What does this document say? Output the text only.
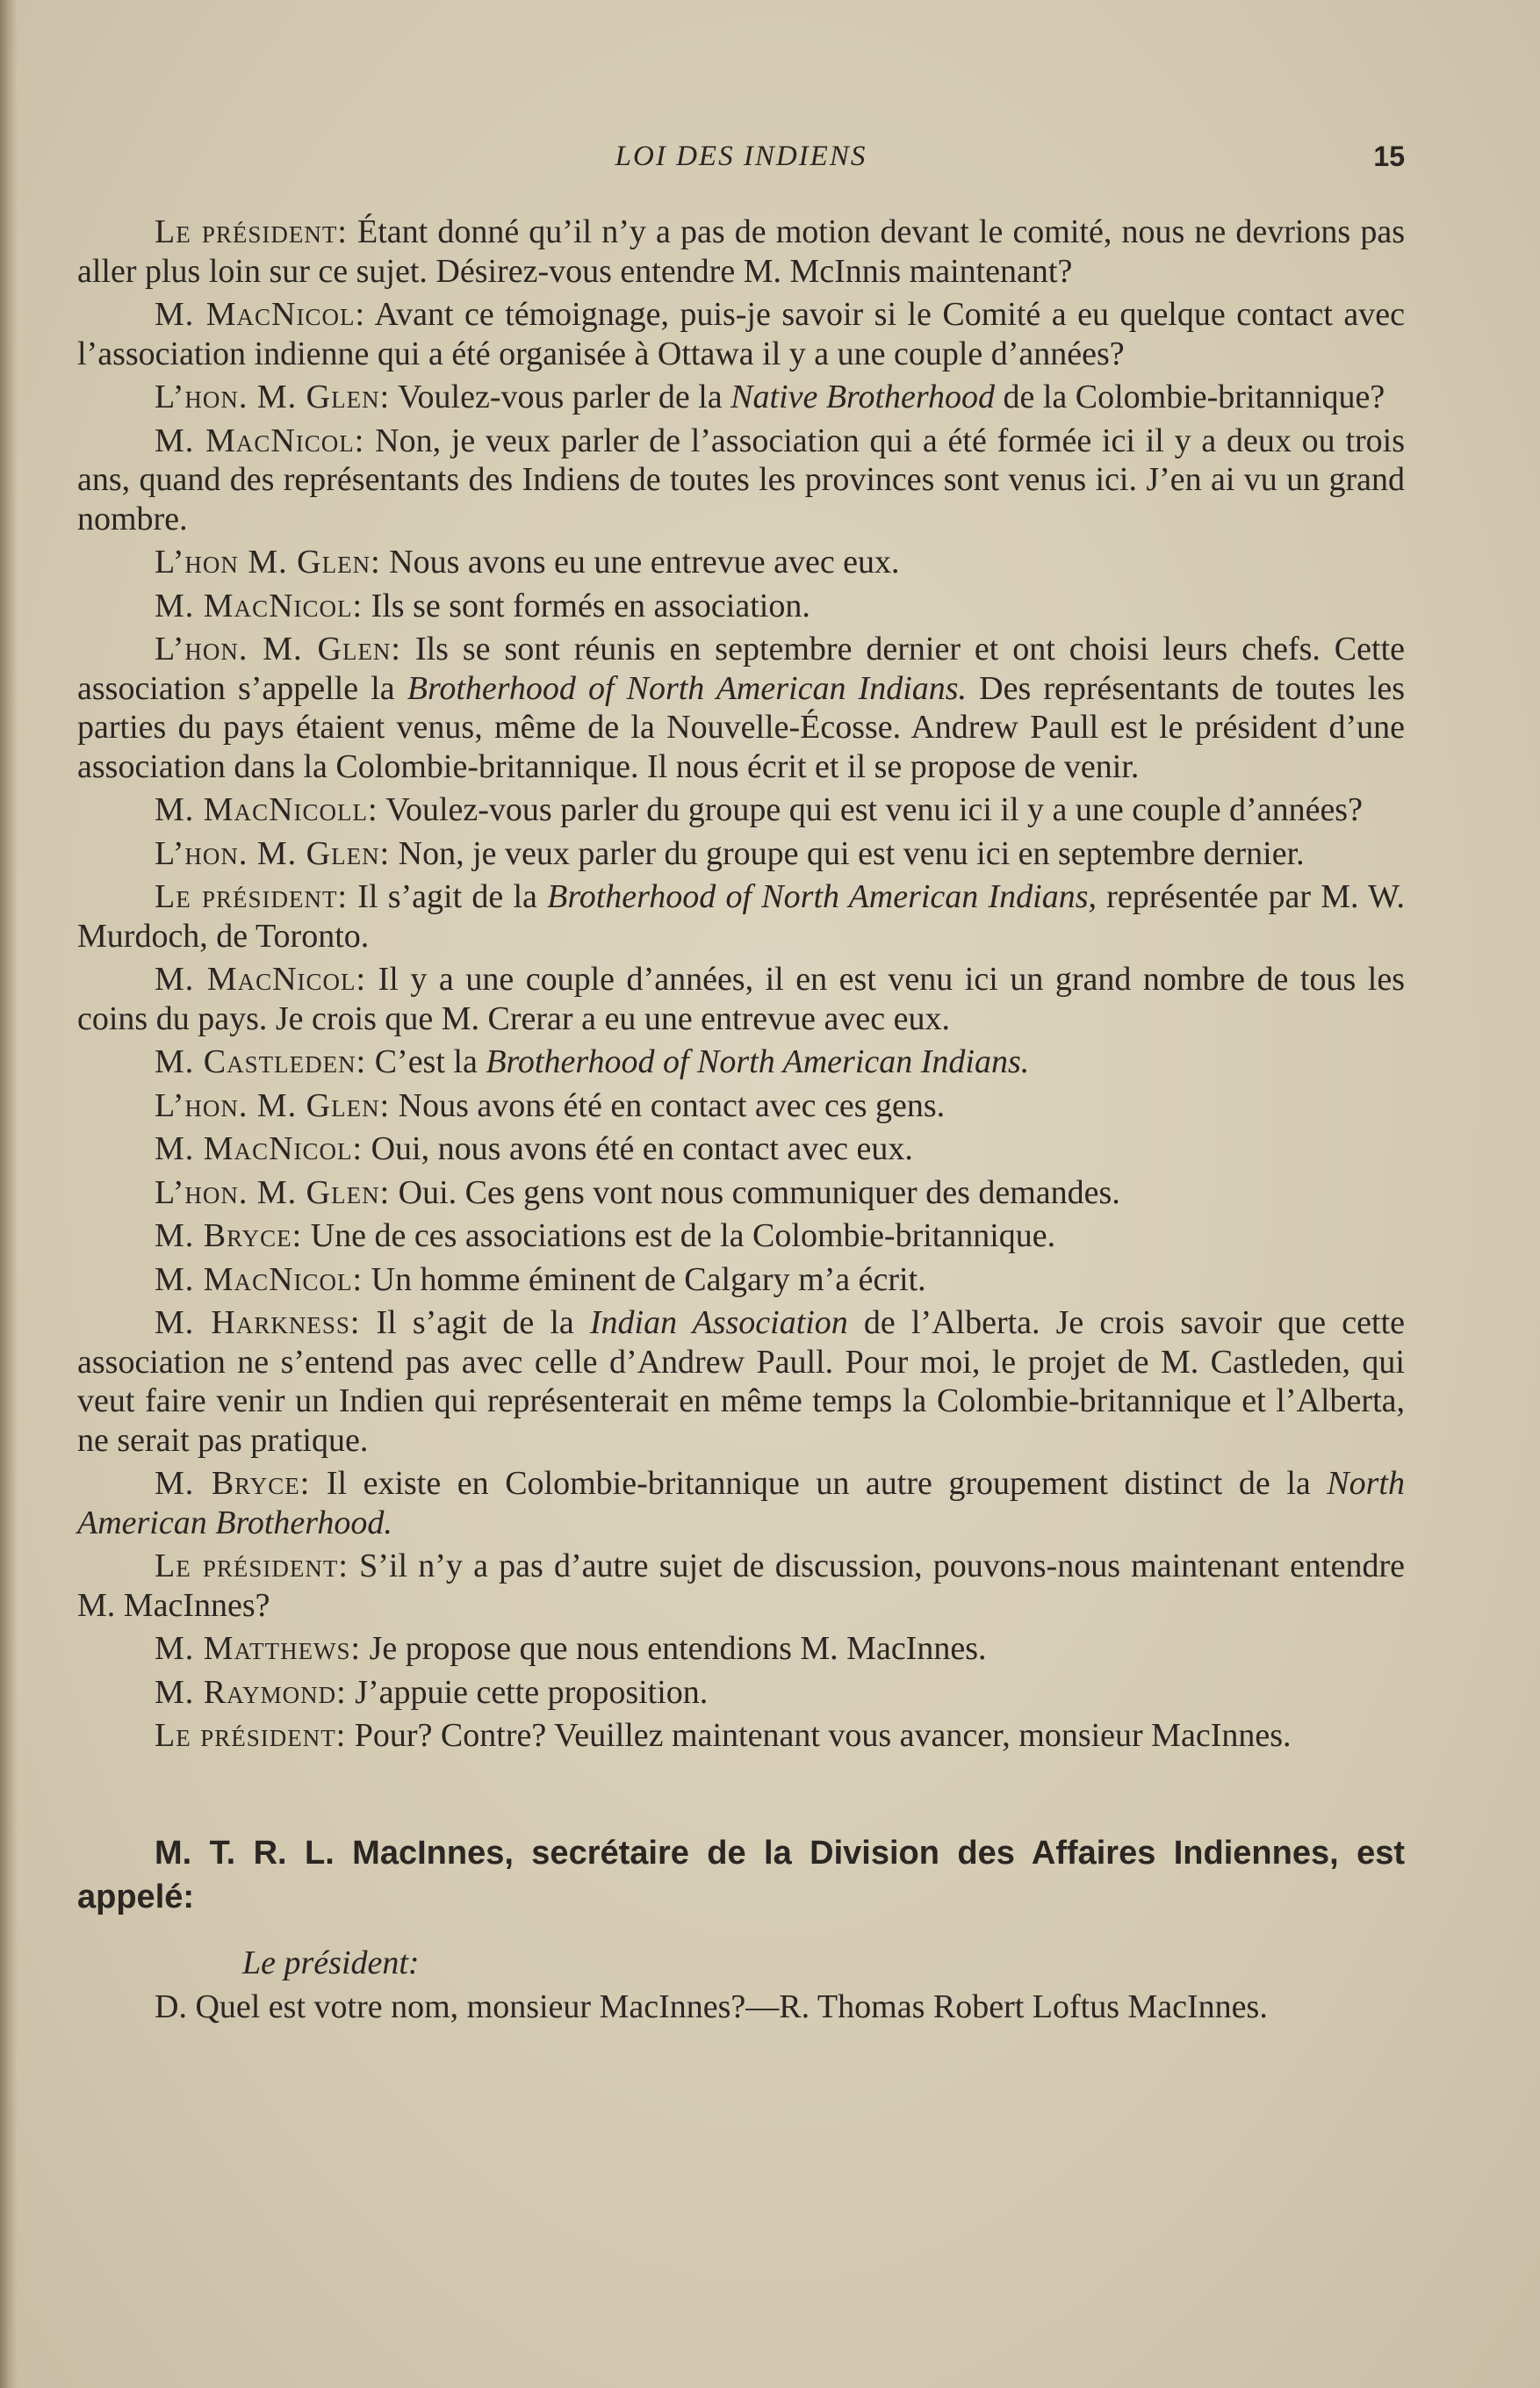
LOI DES INDIENS	15

Le président: Étant donné qu’il n’y a pas de motion devant le comité, nous ne devrions pas aller plus loin sur ce sujet. Désirez-vous entendre M. McInnis maintenant?

M. MacNicol: Avant ce témoignage, puis-je savoir si le Comité a eu quelque contact avec l’association indienne qui a été organisée à Ottawa il y a une couple d’années?

L’hon. M. Glen: Voulez-vous parler de la Native Brotherhood de la Colombie-britannique?

M. MacNicol: Non, je veux parler de l’association qui a été formée ici il y a deux ou trois ans, quand des représentants des Indiens de toutes les provinces sont venus ici. J’en ai vu un grand nombre.

L’hon M. Glen: Nous avons eu une entrevue avec eux.

M. MacNicol: Ils se sont formés en association.

L’hon. M. Glen: Ils se sont réunis en septembre dernier et ont choisi leurs chefs. Cette association s’appelle la Brotherhood of North American Indians. Des représentants de toutes les parties du pays étaient venus, même de la Nouvelle-Écosse. Andrew Paull est le président d’une association dans la Colombie-britannique. Il nous écrit et il se propose de venir.

M. MacNicoll: Voulez-vous parler du groupe qui est venu ici il y a une couple d’années?

L’hon. M. Glen: Non, je veux parler du groupe qui est venu ici en septembre dernier.

Le président: Il s’agit de la Brotherhood of North American Indians, représentée par M. W. Murdoch, de Toronto.

M. MacNicol: Il y a une couple d’années, il en est venu ici un grand nombre de tous les coins du pays. Je crois que M. Crerar a eu une entrevue avec eux.

M. Castleden: C’est la Brotherhood of North American Indians.

L’hon. M. Glen: Nous avons été en contact avec ces gens.

M. MacNicol: Oui, nous avons été en contact avec eux.

L’hon. M. Glen: Oui. Ces gens vont nous communiquer des demandes.

M. Bryce: Une de ces associations est de la Colombie-britannique.

M. MacNicol: Un homme éminent de Calgary m’a écrit.

M. Harkness: Il s’agit de la Indian Association de l’Alberta. Je crois savoir que cette association ne s’entend pas avec celle d’Andrew Paull. Pour moi, le projet de M. Castleden, qui veut faire venir un Indien qui représenterait en même temps la Colombie-britannique et l’Alberta, ne serait pas pratique.

M. Bryce: Il existe en Colombie-britannique un autre groupement distinct de la North American Brotherhood.

Le président: S’il n’y a pas d’autre sujet de discussion, pouvons-nous maintenant entendre M. MacInnes?

M. Matthews: Je propose que nous entendions M. MacInnes.

M. Raymond: J’appuie cette proposition.

Le président: Pour? Contre? Veuillez maintenant vous avancer, monsieur MacInnes.

M. T. R. L. MacInnes, secrétaire de la Division des Affaires Indiennes, est appelé:
Le président:

D. Quel est votre nom, monsieur MacInnes?—R. Thomas Robert Loftus MacInnes.
